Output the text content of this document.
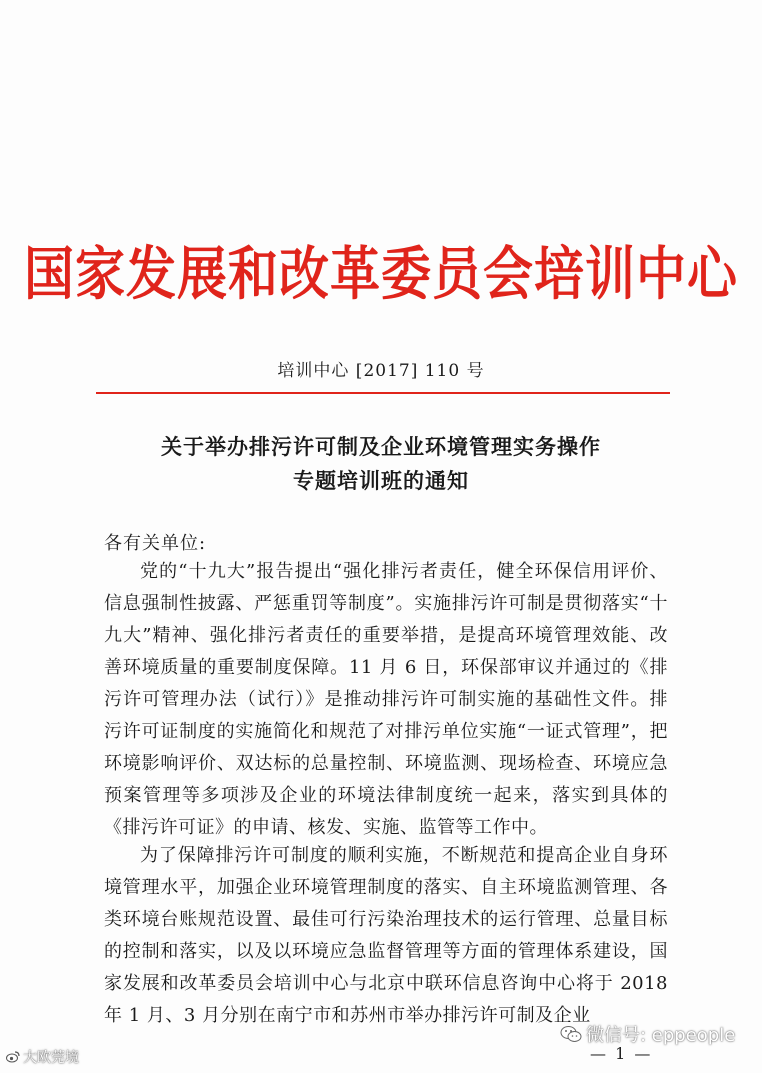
国家发展和改革委员会培训中心
培训中心 [2017] 110 号
关于举办排污许可制及企业环境管理实务操作
专题培训班的通知
各有关单位:
党的“十九大”报告提出“强化排污者责任，健全环保信用评价、信息强制性披露、严惩重罚等制度”。实施排污许可制是贯彻落实“十九大”精神、强化排污者责任的重要举措，是提高环境管理效能、改善环境质量的重要制度保障。11 月 6 日，环保部审议并通过的《排污许可管理办法（试行）》是推动排污许可制实施的基础性文件。排污许可证制度的实施简化和规范了对排污单位实施“一证式管理”，把环境影响评价、双达标的总量控制、环境监测、现场检查、环境应急预案管理等多项涉及企业的环境法律制度统一起来，落实到具体的《排污许可证》的申请、核发、实施、监管等工作中。
为了保障排污许可制度的顺利实施，不断规范和提高企业自身环境管理水平，加强企业环境管理制度的落实、自主环境监测管理、各类环境台账规范设置、最佳可行污染治理技术的运行管理、总量目标的控制和落实，以及以环境应急监督管理等方面的管理体系建设，国家发展和改革委员会培训中心与北京中联环信息咨询中心将于 2018 年 1 月、3 月分别在南宁市和苏州市举办排污许可制及企业
— 1 —
大欧莞境
微信号: eppeople
